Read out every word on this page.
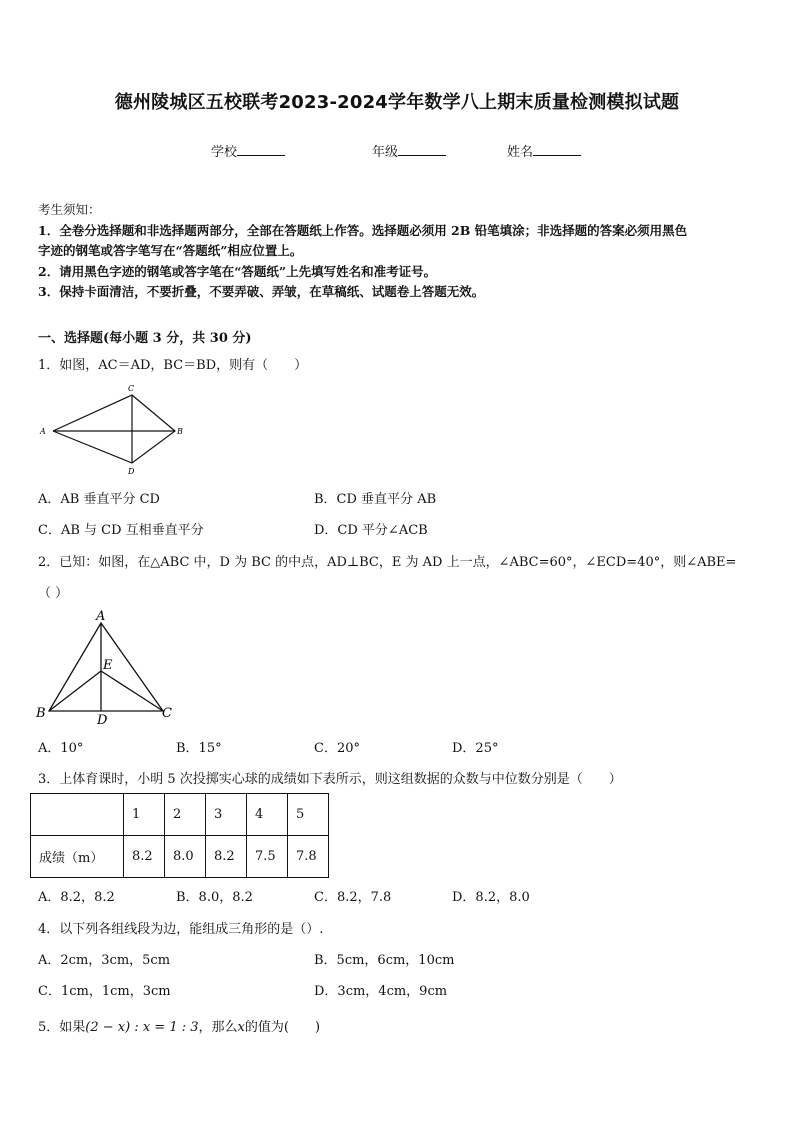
德州陵城区五校联考2023-2024学年数学八上期末质量检测模拟试题
学校	年级	姓名
考生须知：
1．全卷分选择题和非选择题两部分，全部在答题纸上作答。选择题必须用 2B 铅笔填涂；非选择题的答案必须用黑色
字迹的钢笔或答字笔写在“答题纸”相应位置上。
2．请用黑色字迹的钢笔或答字笔在“答题纸”上先填写姓名和准考证号。
3．保持卡面清洁，不要折叠，不要弄破、弄皱，在草稿纸、试题卷上答题无效。
一、选择题(每小题 3 分，共 30 分)
1．如图，AC＝AD，BC＝BD，则有（　　）
C
A	B
D
A．AB 垂直平分 CD	B．CD 垂直平分 AB
C．AB 与 CD 互相垂直平分	D．CD 平分∠ACB
2．已知：如图，在△ABC 中，D 为 BC 的中点，AD⊥BC，E 为 AD 上一点，∠ABC=60°，∠ECD=40°，则∠ABE=
（ ）
A
E
B	D	C
A．10°	B．15°	C．20°	D．25°
3．上体育课时，小明 5 次投掷实心球的成绩如下表所示，则这组数据的众数与中位数分别是（　　）
	1	2	3	4	5
成绩（m）	8.2	8.0	8.2	7.5	7.8
A．8.2，8.2	B．8.0，8.2	C．8.2，7.8	D．8.2，8.0
4．以下列各组线段为边，能组成三角形的是（）.
A．2cm，3cm，5cm	B．5cm，6cm，10cm
C．1cm，1cm，3cm	D．3cm，4cm，9cm
5．如果(2 − x) : x = 1 : 3，那么x的值为(　　)
